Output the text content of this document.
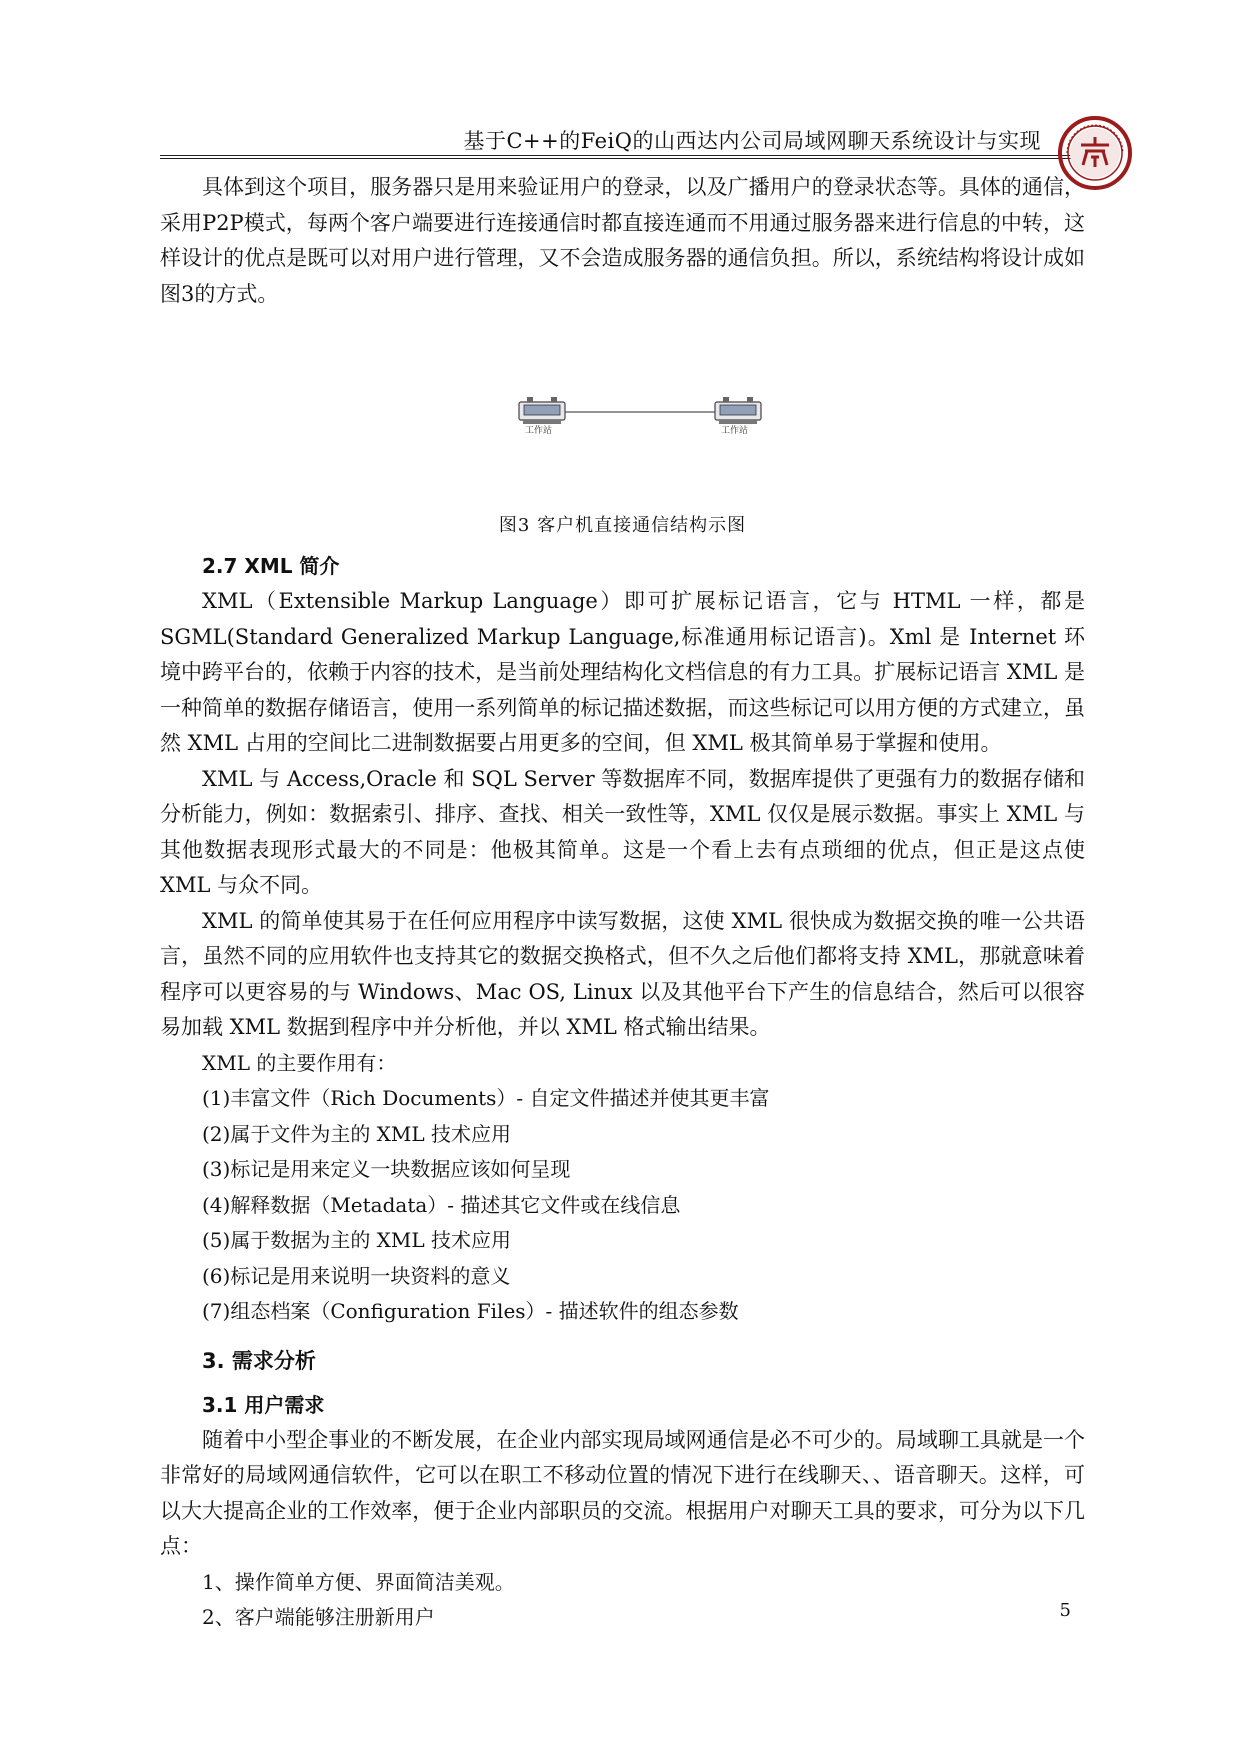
基于C++的FeiQ的山西达内公司局域网聊天系统设计与实现

具体到这个项目，服务器只是用来验证用户的登录，以及广播用户的登录状态等。具体的通信，采用P2P模式，每两个客户端要进行连接通信时都直接连通而不用通过服务器来进行信息的中转，这样设计的优点是既可以对用户进行管理，又不会造成服务器的通信负担。所以，系统结构将设计成如图3的方式。

工作站	工作站
图3 客户机直接通信结构示图
2.7 XML 简介

XML（Extensible Markup Language）即可扩展标记语言，它与 HTML 一样，都是 SGML(Standard Generalized Markup Language,标准通用标记语言)。Xml 是 Internet 环境中跨平台的，依赖于内容的技术，是当前处理结构化文档信息的有力工具。扩展标记语言 XML 是一种简单的数据存储语言，使用一系列简单的标记描述数据，而这些标记可以用方便的方式建立，虽然 XML 占用的空间比二进制数据要占用更多的空间，但 XML 极其简单易于掌握和使用。

XML 与 Access,Oracle 和 SQL Server 等数据库不同，数据库提供了更强有力的数据存储和分析能力，例如：数据索引、排序、查找、相关一致性等，XML 仅仅是展示数据。事实上 XML 与其他数据表现形式最大的不同是：他极其简单。这是一个看上去有点琐细的优点，但正是这点使 XML 与众不同。

XML 的简单使其易于在任何应用程序中读写数据，这使 XML 很快成为数据交换的唯一公共语言，虽然不同的应用软件也支持其它的数据交换格式，但不久之后他们都将支持 XML，那就意味着程序可以更容易的与 Windows、Mac OS, Linux 以及其他平台下产生的信息结合，然后可以很容易加载 XML 数据到程序中并分析他，并以 XML 格式输出结果。

XML 的主要作用有：

(1)丰富文件（Rich Documents）- 自定文件描述并使其更丰富

(2)属于文件为主的 XML 技术应用

(3)标记是用来定义一块数据应该如何呈现

(4)解释数据（Metadata）- 描述其它文件或在线信息

(5)属于数据为主的 XML 技术应用

(6)标记是用来说明一块资料的意义

(7)组态档案（Configuration Files）- 描述软件的组态参数

3. 需求分析
3.1 用户需求

随着中小型企事业的不断发展，在企业内部实现局域网通信是必不可少的。局域聊工具就是一个非常好的局域网通信软件，它可以在职工不移动位置的情况下进行在线聊天、、语音聊天。这样，可以大大提高企业的工作效率，便于企业内部职员的交流。根据用户对聊天工具的要求，可分为以下几点：

1、操作简单方便、界面简洁美观。

2、客户端能够注册新用户	5
